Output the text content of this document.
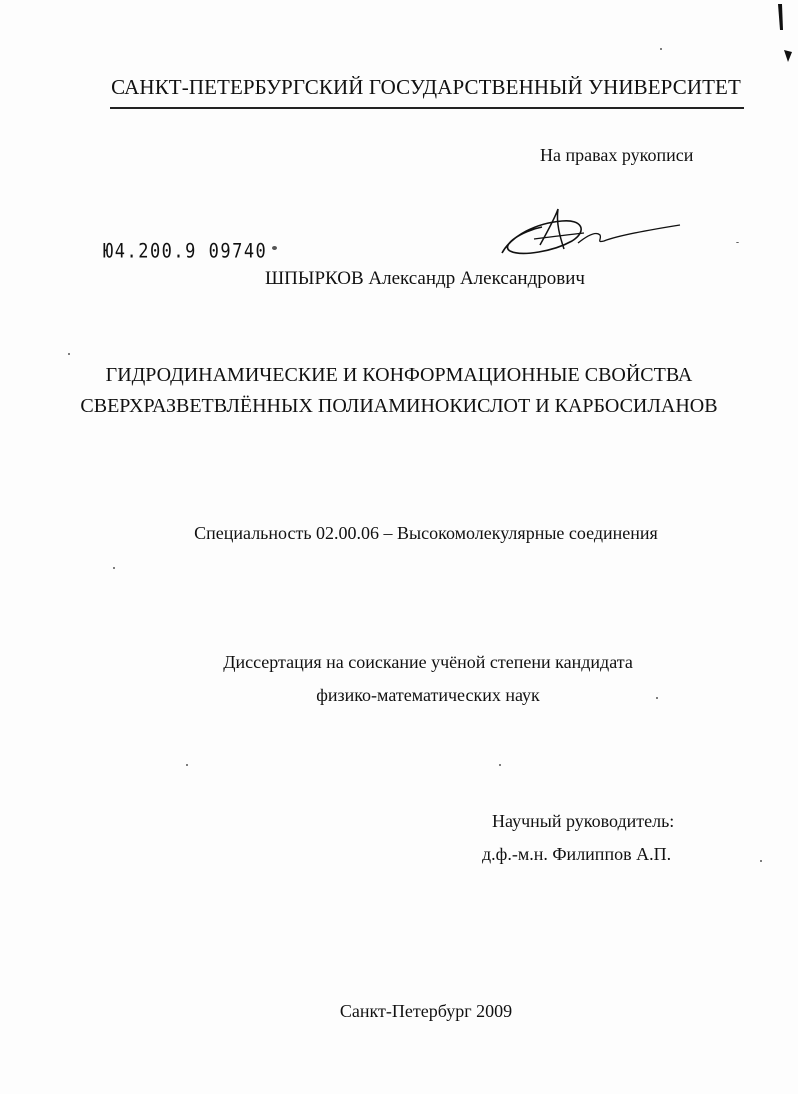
САНКТ-ПЕТЕРБУРГСКИЙ ГОСУДАРСТВЕННЫЙ УНИВЕРСИТЕТ
На правах рукописи
Ю4.200.9 09740
ШПЫРКОВ Александр Александрович
ГИДРОДИНАМИЧЕСКИЕ И КОНФОРМАЦИОННЫЕ СВОЙСТВА
СВЕРХРАЗВЕТВЛЁННЫХ ПОЛИАМИНОКИСЛОТ И КАРБОСИЛАНОВ
Специальность 02.00.06 – Высокомолекулярные соединения
Диссертация на соискание учёной степени кандидата
физико-математических наук
Научный руководитель:
д.ф.-м.н. Филиппов А.П.
Санкт-Петербург 2009
